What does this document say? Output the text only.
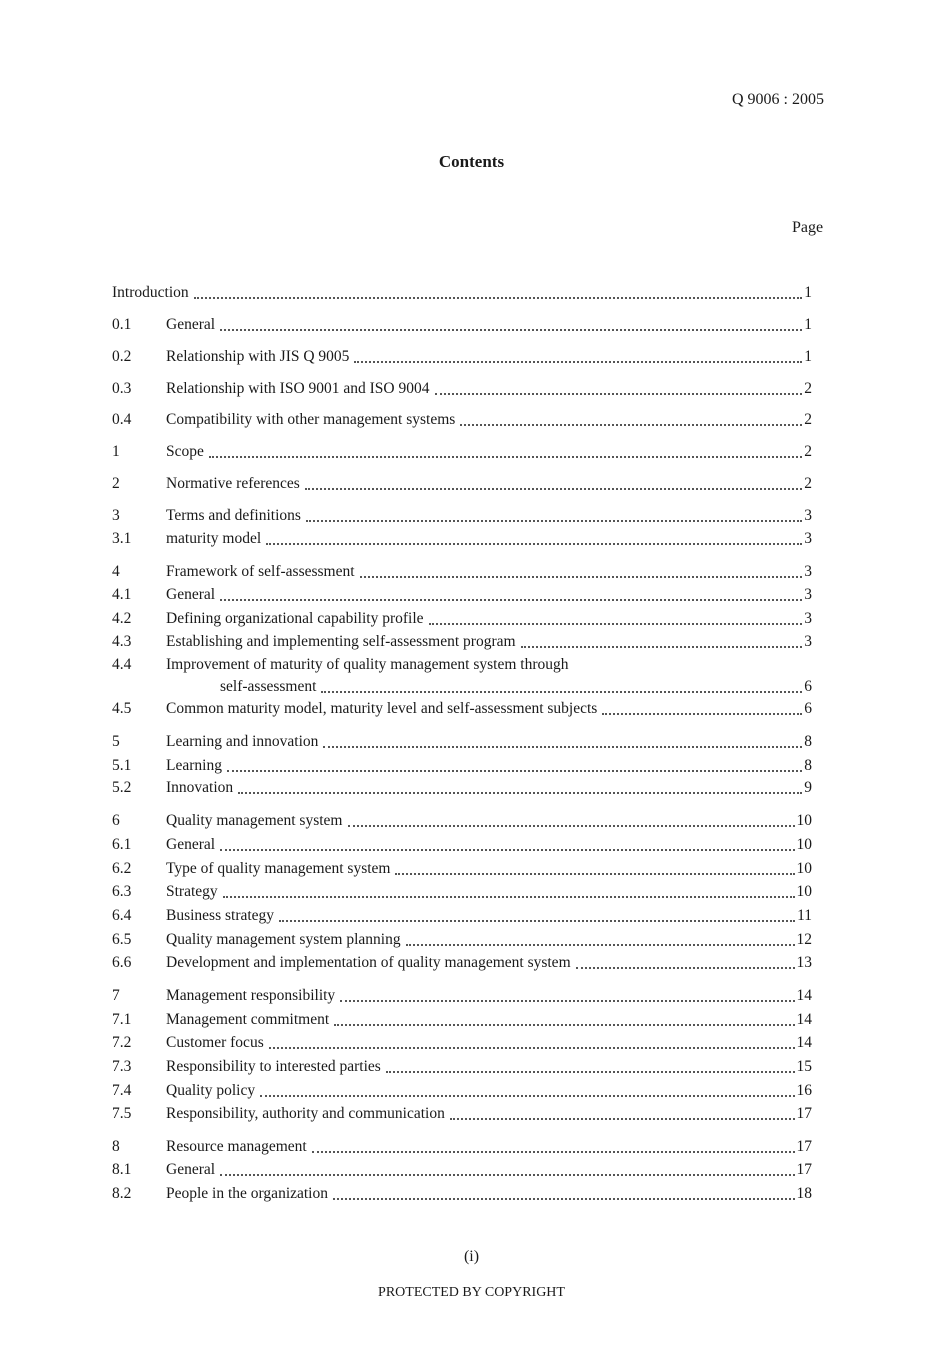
Q 9006 : 2005
Contents
Page
Introduction	1
0.1	General	1
0.2	Relationship with JIS Q 9005	1
0.3	Relationship with ISO 9001 and ISO 9004	2
0.4	Compatibility with other management systems	2
1	Scope	2
2	Normative references	2
3	Terms and definitions	3
3.1	maturity model	3
4	Framework of self-assessment	3
4.1	General	3
4.2	Defining organizational capability profile	3
4.3	Establishing and implementing self-assessment program	3
4.4	Improvement of maturity of quality management system through
self-assessment	6
4.5	Common maturity model, maturity level and self-assessment subjects	6
5	Learning and innovation	8
5.1	Learning	8
5.2	Innovation	9
6	Quality management system	10
6.1	General	10
6.2	Type of quality management system	10
6.3	Strategy	10
6.4	Business strategy	11
6.5	Quality management system planning	12
6.6	Development and implementation of quality management system	13
7	Management responsibility	14
7.1	Management commitment	14
7.2	Customer focus	14
7.3	Responsibility to interested parties	15
7.4	Quality policy	16
7.5	Responsibility, authority and communication	17
8	Resource management	17
8.1	General	17
8.2	People in the organization	18
(i)
PROTECTED BY COPYRIGHT
